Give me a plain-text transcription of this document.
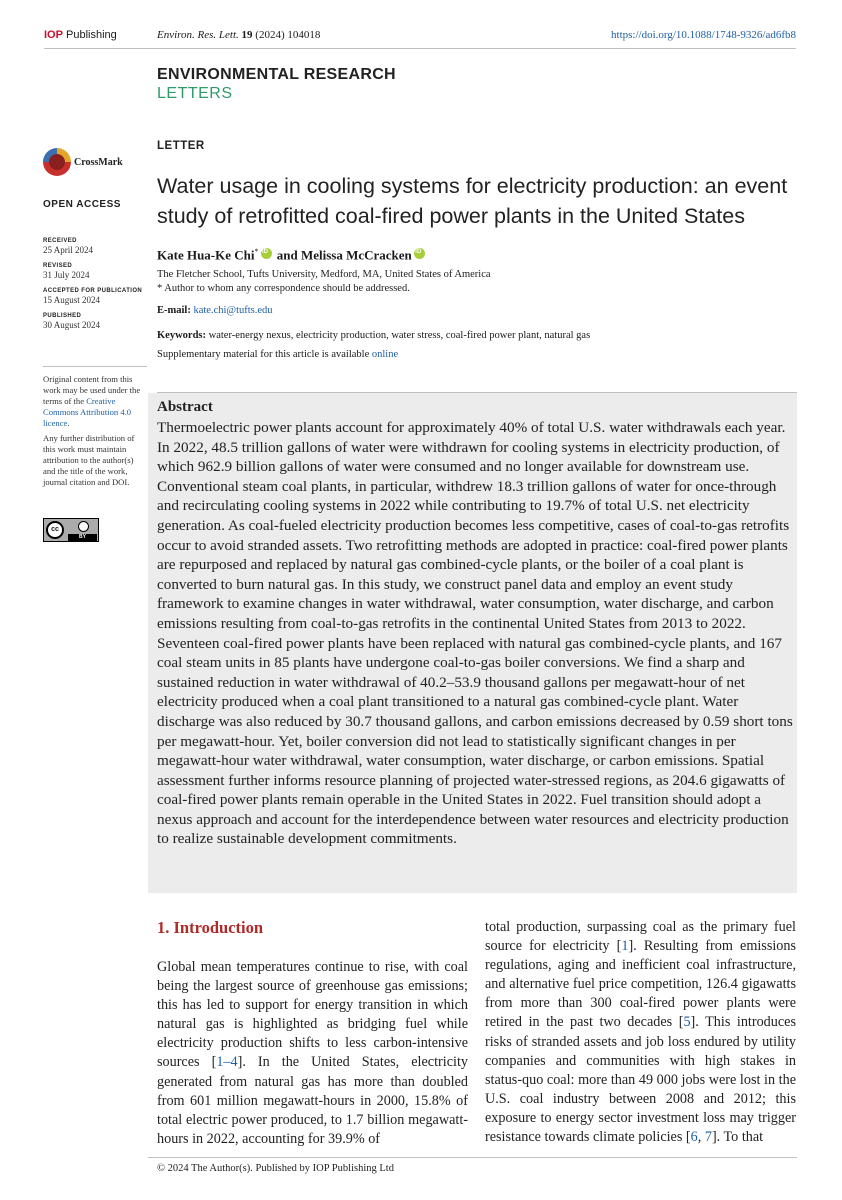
IOP Publishing	Environ. Res. Lett. 19 (2024) 104018	https://doi.org/10.1088/1748-9326/ad6fb8
ENVIRONMENTAL RESEARCH
LETTERS
CrossMark
OPEN ACCESS
RECEIVED
25 April 2024
REVISED
31 July 2024
ACCEPTED FOR PUBLICATION
15 August 2024
PUBLISHED
30 August 2024

Original content from this work may be used under the terms of the Creative Commons Attribution 4.0 licence.

Any further distribution of this work must maintain attribution to the author(s) and the title of the work, journal citation and DOI.

cc
BY
LETTER
Water usage in cooling systems for electricity production: an event study of retrofitted coal-fired power plants in the United States
Kate Hua-Ke Chi*iD and Melissa McCrackeniD
The Fletcher School, Tufts University, Medford, MA, United States of America
* Author to whom any correspondence should be addressed.
E-mail: kate.chi@tufts.edu
Keywords: water-energy nexus, electricity production, water stress, coal-fired power plant, natural gas
Supplementary material for this article is available online
Abstract
Thermoelectric power plants account for approximately 40% of total U.S. water withdrawals each year. In 2022, 48.5 trillion gallons of water were withdrawn for cooling systems in electricity production, of which 962.9 billion gallons of water were consumed and no longer available for downstream use. Conventional steam coal plants, in particular, withdrew 18.3 trillion gallons of water for once-through and recirculating cooling systems in 2022 while contributing to 19.7% of total U.S. net electricity generation. As coal-fueled electricity production becomes less competitive, cases of coal-to-gas retrofits occur to avoid stranded assets. Two retrofitting methods are adopted in practice: coal-fired power plants are repurposed and replaced by natural gas combined-cycle plants, or the boiler of a coal plant is converted to burn natural gas. In this study, we construct panel data and employ an event study framework to examine changes in water withdrawal, water consumption, water discharge, and carbon emissions resulting from coal-to-gas retrofits in the continental United States from 2013 to 2022. Seventeen coal-fired power plants have been replaced with natural gas combined-cycle plants, and 167 coal steam units in 85 plants have undergone coal-to-gas boiler conversions. We find a sharp and sustained reduction in water withdrawal of 40.2–53.9 thousand gallons per megawatt-hour of net electricity produced when a coal plant transitioned to a natural gas combined-cycle plant. Water discharge was also reduced by 30.7 thousand gallons, and carbon emissions decreased by 0.59 short tons per megawatt-hour. Yet, boiler conversion did not lead to statistically significant changes in per megawatt-hour water withdrawal, water consumption, water discharge, or carbon emissions. Spatial assessment further informs resource planning of projected water-stressed regions, as 204.6 gigawatts of coal-fired power plants remain operable in the United States in 2022. Fuel transition should adopt a nexus approach and account for the interdependence between water resources and electricity production to realize sustainable development commitments.
1. Introduction
Global mean temperatures continue to rise, with coal being the largest source of greenhouse gas emissions; this has led to support for energy transition in which natural gas is highlighted as bridging fuel while electricity production shifts to less carbon-intensive sources [1–4]. In the United States, electricity generated from natural gas has more than doubled from 601 million megawatt-hours in 2000, 15.8% of total electric power produced, to 1.7 billion megawatt-hours in 2022, accounting for 39.9% of
total production, surpassing coal as the primary fuel source for electricity [1]. Resulting from emissions regulations, aging and inefficient coal infrastructure, and alternative fuel price competition, 126.4 gigawatts from more than 300 coal-fired power plants were retired in the past two decades [5]. This introduces risks of stranded assets and job loss endured by utility companies and communities with high stakes in status-quo coal: more than 49 000 jobs were lost in the U.S. coal industry between 2008 and 2012; this exposure to energy sector investment loss may trigger resistance towards climate policies [6, 7]. To that
© 2024 The Author(s). Published by IOP Publishing Ltd
